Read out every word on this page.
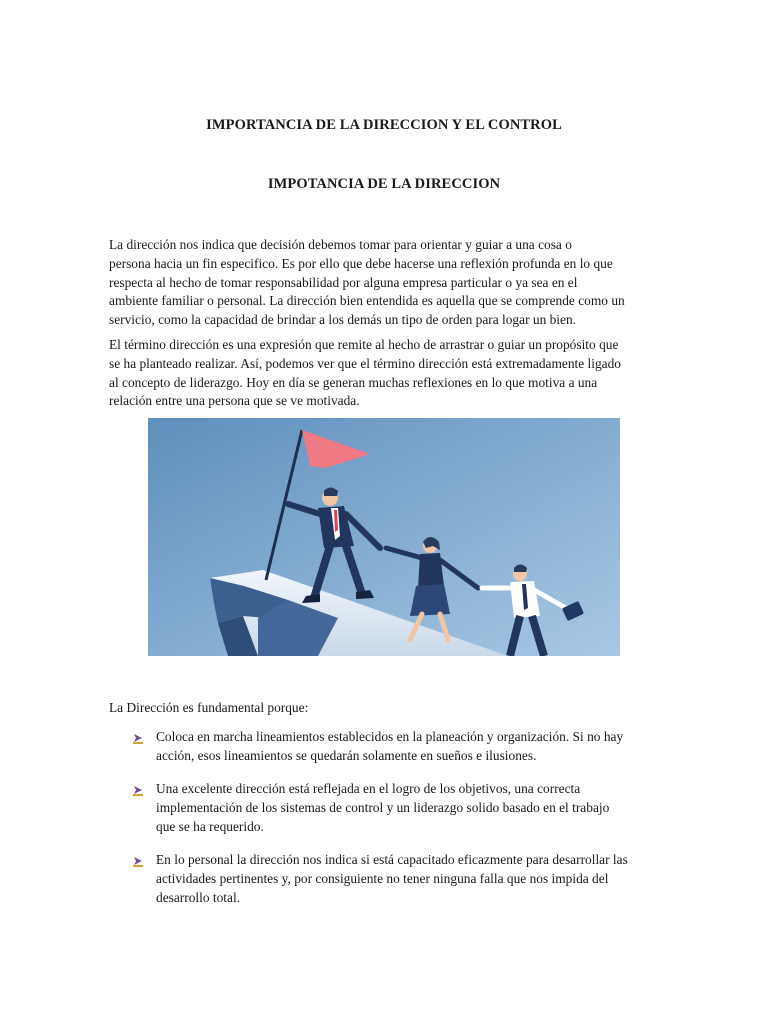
IMPORTANCIA DE LA DIRECCION Y EL CONTROL
IMPOTANCIA DE LA DIRECCION
La dirección nos indica que decisión debemos tomar para orientar y guiar a una cosa o
persona hacia un fin especifico. Es por ello que debe hacerse una reflexión profunda en lo que
respecta al hecho de tomar responsabilidad por alguna empresa particular o ya sea en el
ambiente familiar o personal. La dirección bien entendida es aquella que se comprende como un
servicio, como la capacidad de brindar a los demás un tipo de orden para logar un bien.
El término dirección es una expresión que remite al hecho de arrastrar o guiar un propósito que
se ha planteado realizar. Así, podemos ver que el término dirección está extremadamente ligado
al concepto de liderazgo. Hoy en día se generan muchas reflexiones en lo que motiva a una
relación entre una persona que se ve motivada.
La Dirección es fundamental porque:
Coloca en marcha lineamientos establecidos en la planeación y organización. Si no hay
acción, esos lineamientos se quedarán solamente en sueños e ilusiones.
Una excelente dirección está reflejada en el logro de los objetivos, una correcta
implementación de los sistemas de control y un liderazgo solido basado en el trabajo
que se ha requerido.
En lo personal la dirección nos indica si está capacitado eficazmente para desarrollar las
actividades pertinentes y, por consiguiente no tener ninguna falla que nos impida del
desarrollo total.
